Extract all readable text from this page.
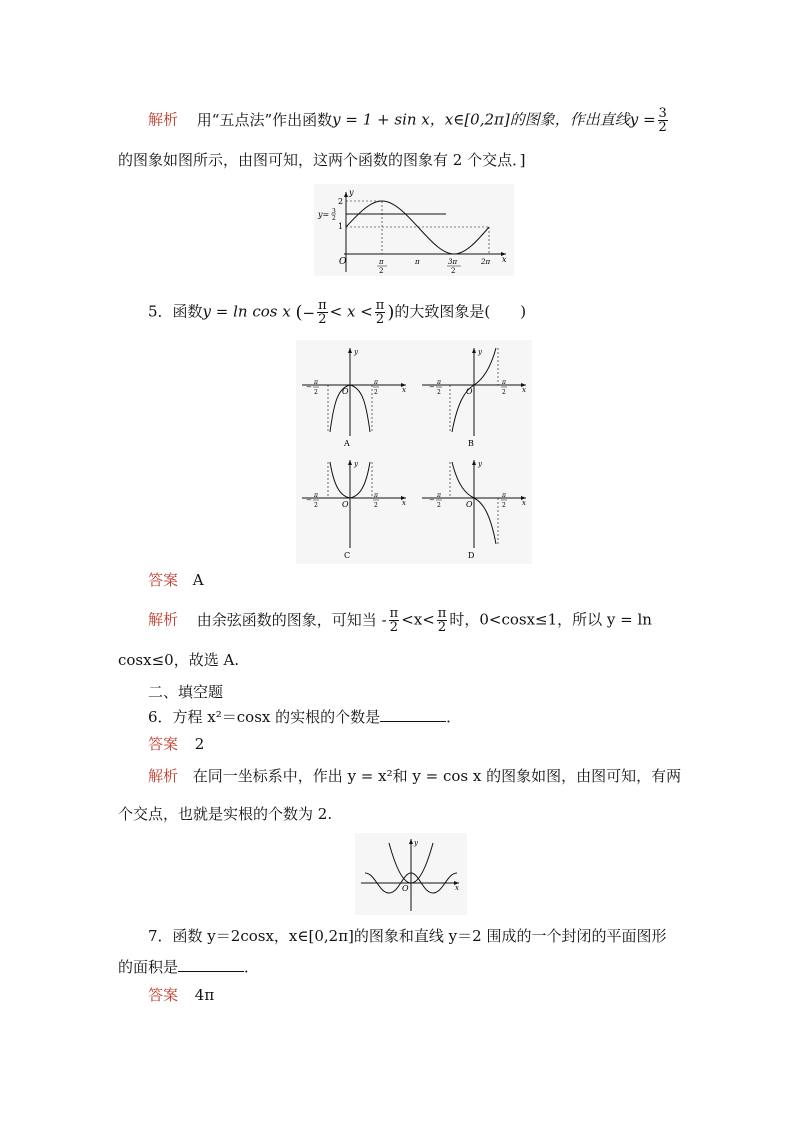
解析 用“五点法”作出函数y = 1 + sin x，x∈[0,2π]的图象，作出直线$y = \frac{3}{2}$
的图象如图所示，由图可知，这两个函数的图象有 2 个交点．]
y
x
O
2
1
y= 3
2
π
2
π	3π
2
2π
5．函数y = ln cos x (− $\frac{\pi}{2} < x < \frac{\pi}{2}$ )的大致图象是(　　)
y
x
O
−
π
2
π
2
A
y
x
O
−
π
2
π
2
B
y
x
O
−
π
2
π
2
C
y
x
O
−
π
2
π
2
D
答案 A
解析 由余弦函数的图象，可知当 - $\frac{\pi}{2} <x< \frac{\pi}{2}$ 时，0<cosx≤1，所以 y = ln
cosx≤0，故选 A.
二、填空题
6．方程 x²＝cosx 的实根的个数是	．
答案 2
解析 在同一坐标系中，作出 y = x²和 y = cos x 的图象如图，由图可知，有两
个交点，也就是实根的个数为 2.
y
x
O
7．函数 y＝2cosx，x∈[0,2π]的图象和直线 y＝2 围成的一个封闭的平面图形
的面积是	．
答案 4π
